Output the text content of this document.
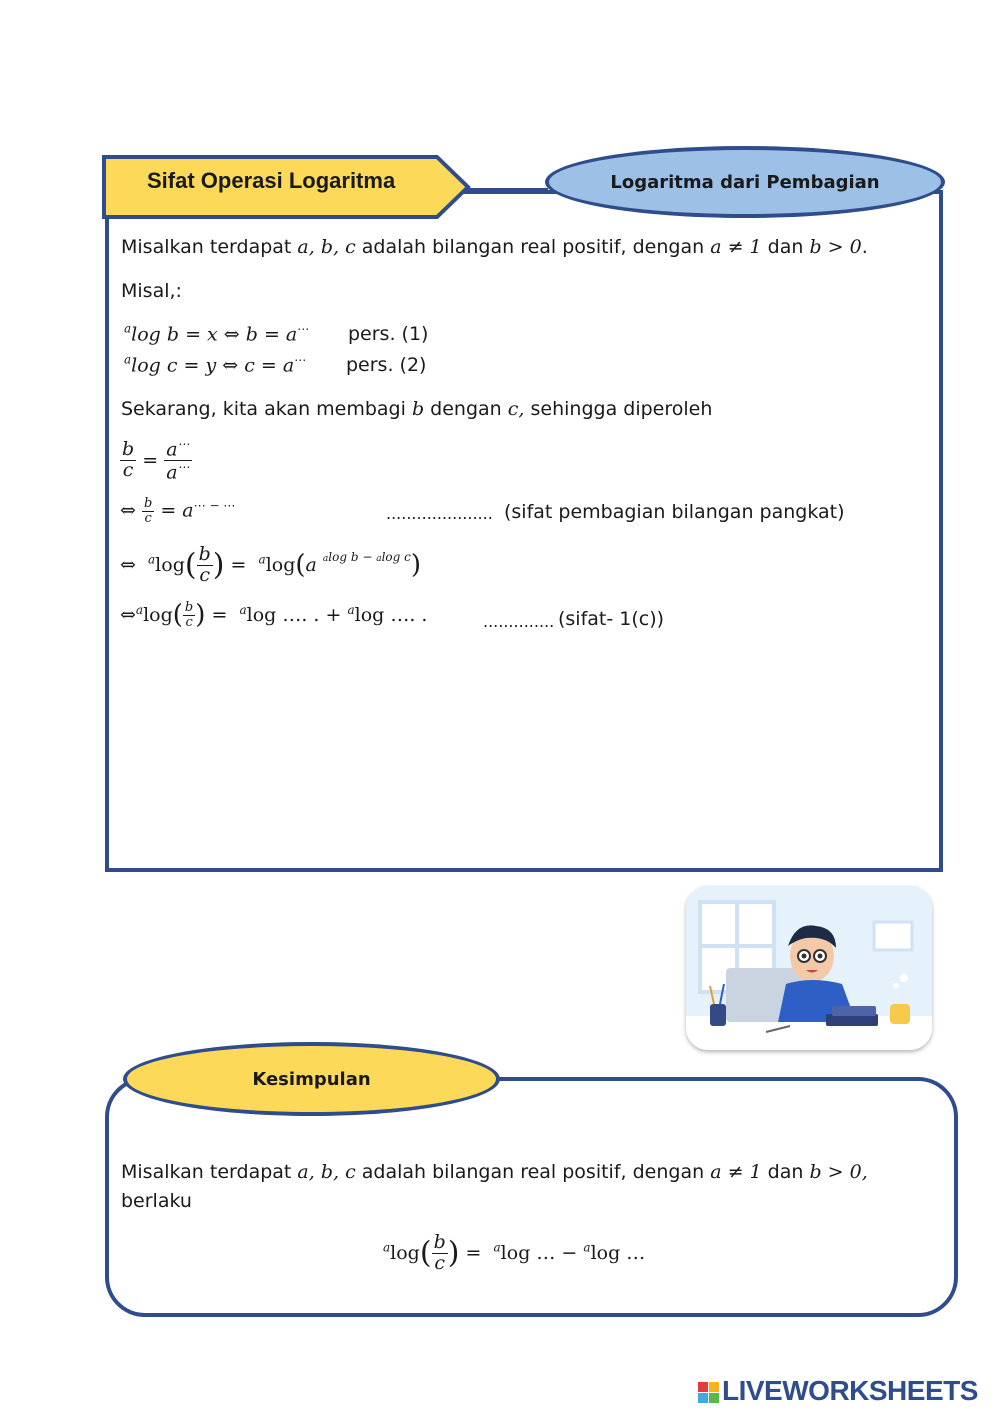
Sifat Operasi Logaritma	Logaritma dari Pembagian
Misalkan terdapat a, b, c adalah bilangan real positif, dengan a ≠ 1 dan b > 0.
Misal,:
$^a$log b = x ⇔ b = a⋯ pers. (1)
$^a$log c = y ⇔ c = a⋯ pers. (2)
Sekarang, kita akan membagi b dengan c, sehingga diperoleh
$\frac{b}{c} = \frac{a^\cdots}{a^\cdots}$
⇔ $\frac{b}{c} = a^{\cdots - \cdots}$	..................... (sifat pembagian bilangan pangkat)
⇔ $^a\log( \frac{b}{c}$ ) = $^a$log(a $^{alog b - alog c}$)
⇔$^a$log( $\frac{b}{c}$ ) = $^a$log …. . + $^a$log …. .	.............. (sifat- 1(c))
Kesimpulan
Misalkan terdapat a, b, c adalah bilangan real positif, dengan a ≠ 1 dan b > 0,
berlaku
$^a\log( \frac{b}{c}$ ) = $^a$log … − $^a$log …
LIVEWORKSHEETS
